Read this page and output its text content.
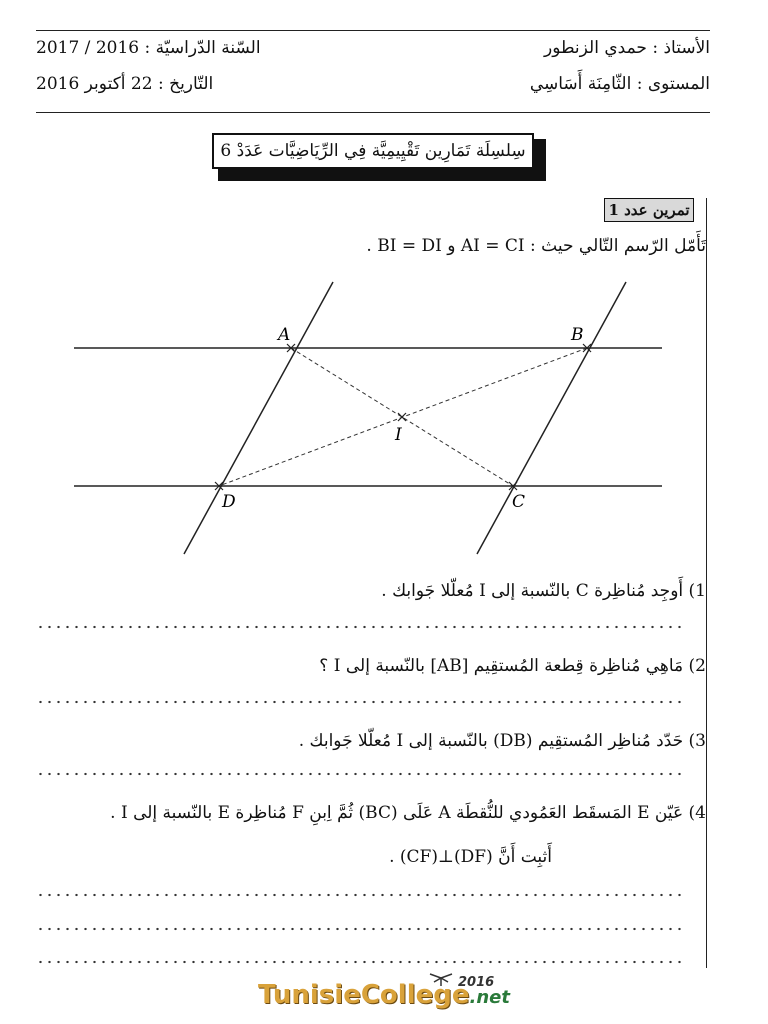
الأستاذ : حمدي الزنطور
السّنة الدّراسيّة : 2016 / 2017
المستوى : الثّامِنَة أَسَاسِي
التّاريخ : 22 أكتوبر 2016
سِلسِلَة تَمَارِين تَقْيِيمِيَّة فِي الرِّيَاضِيَّات عَدَدْ 6
تمرين عدد 1
تَأَمّل الرّسم التّالي حيث : AI = CI و BI = DI .
A	B
C
D
I
1) أَوجِد مُناظِرة C بالنّسبة إلى I مُعلّلا جَوابك .
2) مَاهِي مُناظِرة قِطعة المُستقِيم [AB] بالنّسبة إلى I ؟
3) حَدّد مُناظِر المُستقِيم (DB) بالنّسبة إلى I مُعلّلا جَوابك .
4) عَيّن E المَسقَط العَمُودي للنُّقطَة A عَلَى (BC) ثُمَّ اِبنِ F مُناظِرة E بالنّسبة إلى I .
أَثبِت أَنَّ (DF)⊥(CF) .
TunisieCollege.net
2016
